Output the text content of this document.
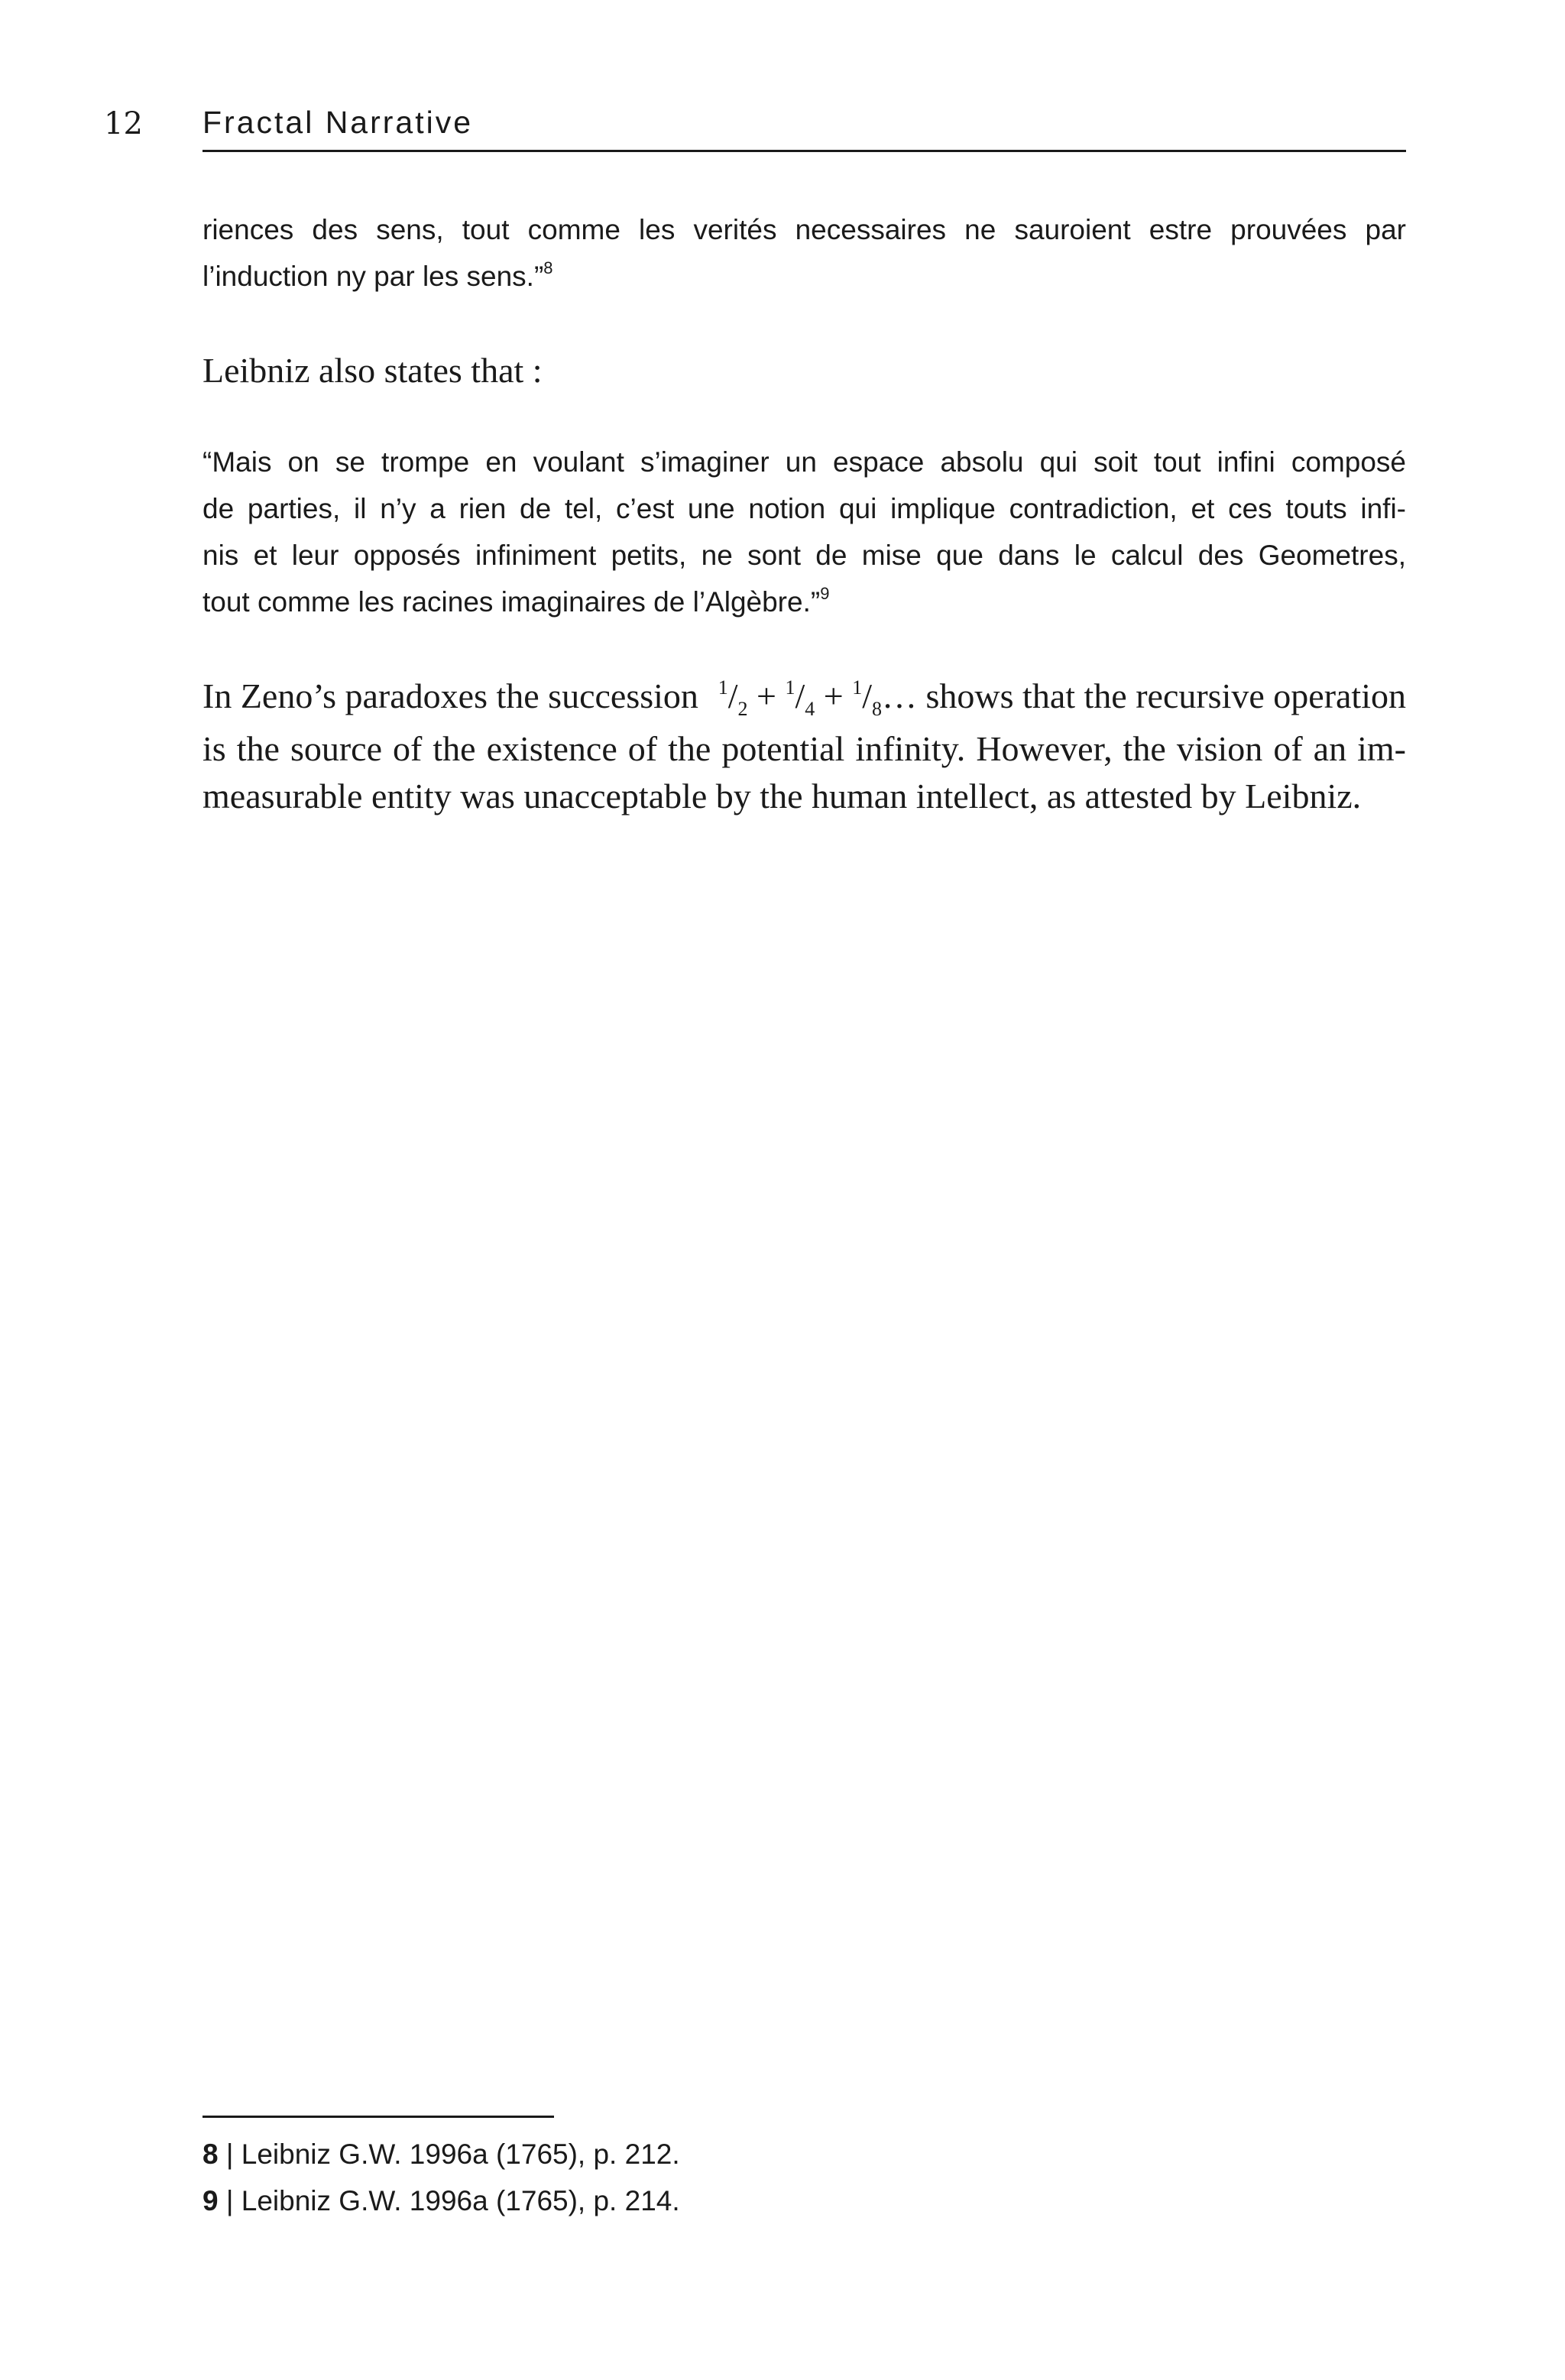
12 Fractal Narrative
riences des sens, tout comme les verités necessaires ne sauroient estre prouvées par
l’induction ny par les sens.”$^8$
Leibniz also states that :
“Mais on se trompe en voulant s’imaginer un espace absolu qui soit tout infini composé
de parties, il n’y a rien de tel, c’est une notion qui implique contradiction, et ces touts infi-
nis et leur opposés infiniment petits, ne sont de mise que dans le calcul des Geometres,
tout comme les racines imaginaires de l’Algèbre.”$^9$
In Zeno’s paradoxes the succession $^1/_2 + ^1/_4$ + $^1/_8\dots$ shows that the recursive operation
is the source of the existence of the potential infinity. However, the vision of an im-
measurable entity was unacceptable by the human intellect, as attested by Leibniz.
8 | Leibniz G.W. 1996a (1765), p. 212.
9 | Leibniz G.W. 1996a (1765), p. 214.
